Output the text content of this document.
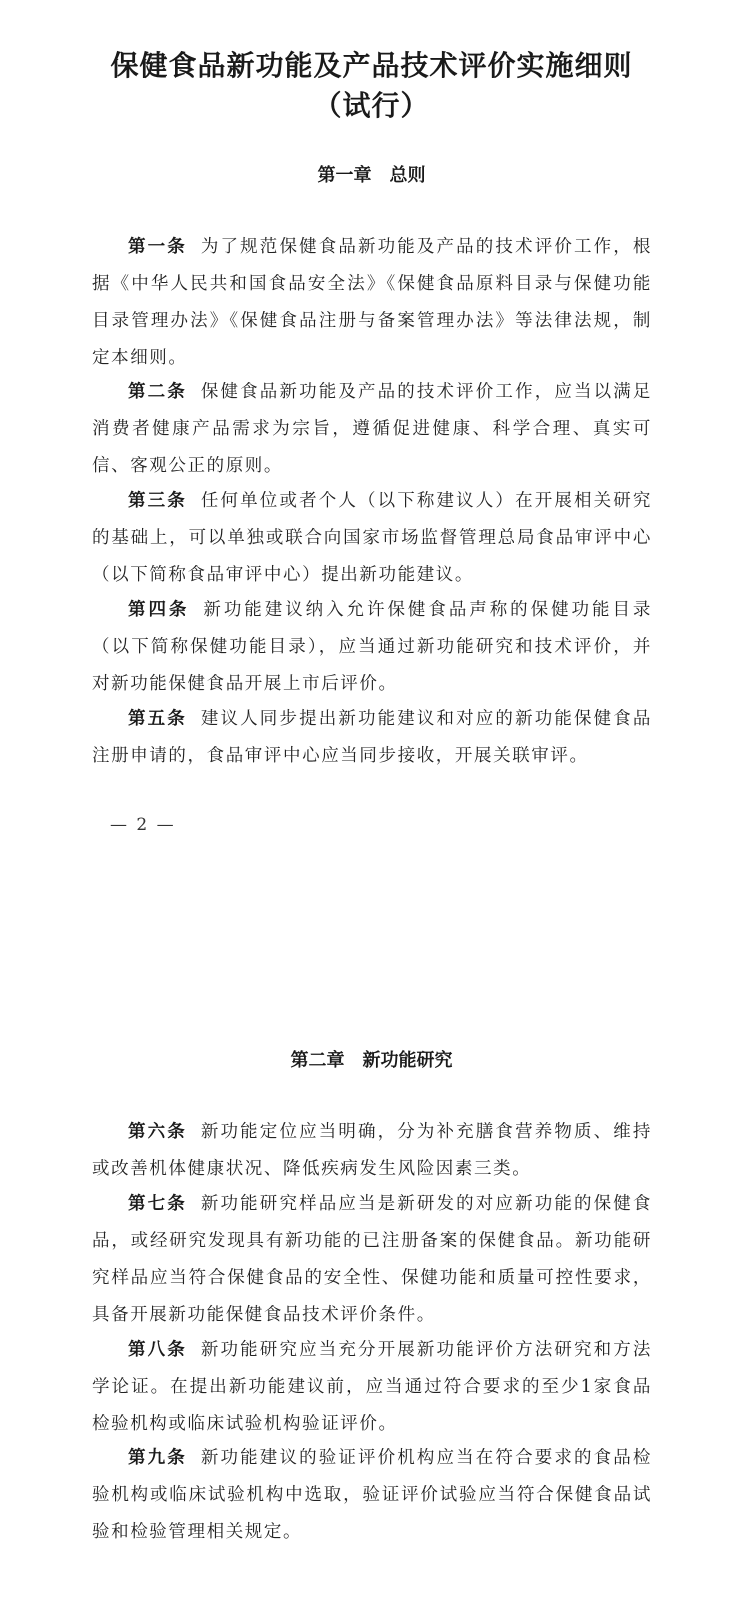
保健食品新功能及产品技术评价实施细则
（试行）
第一章 总则

第一条 为了规范保健食品新功能及产品的技术评价工作，根据《中华人民共和国食品安全法》《保健食品原料目录与保健功能目录管理办法》《保健食品注册与备案管理办法》等法律法规，制定本细则。

第二条 保健食品新功能及产品的技术评价工作，应当以满足消费者健康产品需求为宗旨，遵循促进健康、科学合理、真实可信、客观公正的原则。

第三条 任何单位或者个人（以下称建议人）在开展相关研究的基础上，可以单独或联合向国家市场监督管理总局食品审评中心（以下简称食品审评中心）提出新功能建议。

第四条 新功能建议纳入允许保健食品声称的保健功能目录（以下简称保健功能目录），应当通过新功能研究和技术评价，并对新功能保健食品开展上市后评价。

第五条 建议人同步提出新功能建议和对应的新功能保健食品注册申请的，食品审评中心应当同步接收，开展关联审评。

— 2 —
第二章 新功能研究

第六条 新功能定位应当明确，分为补充膳食营养物质、维持或改善机体健康状况、降低疾病发生风险因素三类。

第七条 新功能研究样品应当是新研发的对应新功能的保健食品，或经研究发现具有新功能的已注册备案的保健食品。新功能研究样品应当符合保健食品的安全性、保健功能和质量可控性要求，具备开展新功能保健食品技术评价条件。

第八条 新功能研究应当充分开展新功能评价方法研究和方法学论证。在提出新功能建议前，应当通过符合要求的至少1家食品检验机构或临床试验机构验证评价。

第九条 新功能建议的验证评价机构应当在符合要求的食品检验机构或临床试验机构中选取，验证评价试验应当符合保健食品试验和检验管理相关规定。
